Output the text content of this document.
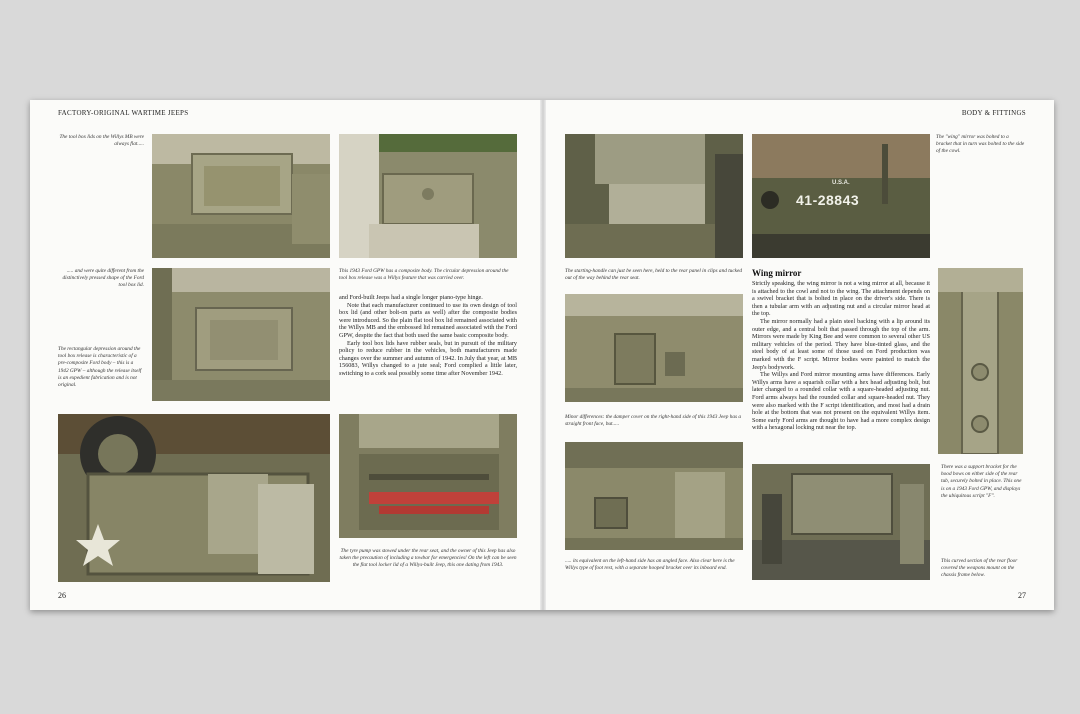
FACTORY-ORIGINAL WARTIME JEEPS
26
The tool box lids on the Willys MB were always flat.....
..... and were quite different from the distinctively pressed shape of the Ford tool box lid.
The rectangular depression around the tool box release is characteristic of a pre-composite Ford body – this is a 1942 GPW – although the release itself is an expedient fabrication and is not original.
This 1943 Ford GPW has a composite body. The circular depression around the tool box release was a Willys feature that was carried over.
and Ford-built Jeeps had a single longer piano-type hinge.
Note that each manufacturer continued to use its own design of tool box lid (and other bolt-on parts as well) after the composite bodies were introduced. So the plain flat tool box lid remained associated with the Willys MB and the embossed lid remained associated with the Ford GPW, despite the fact that both used the same basic composite body.
Early tool box lids have rubber seals, but in pursuit of the military policy to reduce rubber in the vehicles, both manufacturers made changes over the summer and autumn of 1942. In July that year, at MB 156083, Willys changed to a jute seal; Ford complied a little later, switching to a cork seal possibly some time after November 1942.
The tyre pump was stowed under the rear seat, and the owner of this Jeep has also taken the precaution of including a towbar for emergencies! On the left can be seen the flat tool locker lid of a Willys-built Jeep, this one dating from 1943.
BODY & FITTINGS
27
U.S.A.
41-28843
The "wing" mirror was bolted to a bracket that in turn was bolted to the side of the cowl.
The starting-handle can just be seen here, held to the rear panel in clips and tucked out of the way behind the rear seat.
Minor differences: the damper cover on the right-hand side of this 1943 Jeep has a straight front face, but.....
..... its equivalent on the left-hand side has an angled face. Also clear here is the Willys type of foot rest, with a separate hooped bracket over its inboard end.
Wing mirror
Strictly speaking, the wing mirror is not a wing mirror at all, because it is attached to the cowl and not to the wing. The attachment depends on a swivel bracket that is bolted in place on the driver's side. There is then a tubular arm with an adjusting nut and a circular mirror head at the top.
The mirror normally had a plain steel backing with a lip around its outer edge, and a central bolt that passed through the top of the arm. Mirrors were made by King Bee and were common to several other US military vehicles of the period. They have blue-tinted glass, and the steel body of at least some of those used on Ford production was marked with the F script. Mirror bodies were painted to match the Jeep's bodywork.
The Willys and Ford mirror mounting arms have differences. Early Willys arms have a squarish collar with a hex head adjusting bolt, but later changed to a rounded collar with a square-headed adjusting nut. Ford arms always had the rounded collar and square-headed nut. They were also marked with the F script identification, and most had a drain hole at the bottom that was not present on the equivalent Willys item. Some early Ford arms are thought to have had a more complex design with a hexagonal locking nut near the top.
There was a support bracket for the hood bows on either side of the rear tub, securely bolted in place. This one is on a 1943 Ford GPW, and displays the ubiquitous script "F".
This curved section of the rear floor covered the weapons mount on the chassis frame below.
